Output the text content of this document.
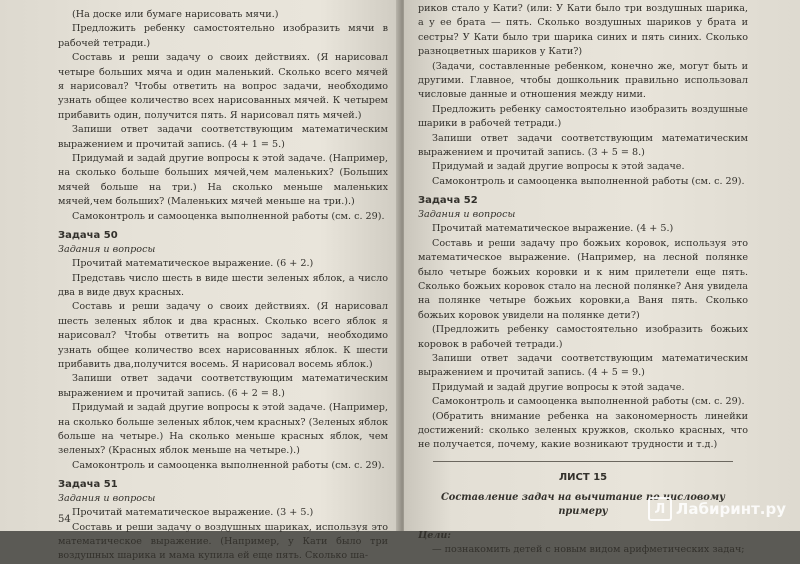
(На доске или бумаге нарисовать мячи.)

Предложить ребенку самостоятельно изобразить мячи в рабочей тетради.)

Составь и реши задачу о своих действиях. (Я нарисовал четыре больших мяча и один маленький. Сколько всего мячей я нарисовал? Чтобы ответить на вопрос задачи, необходимо узнать общее количество всех нарисованных мячей. К четырем прибавить один, получится пять. Я нарисовал пять мячей.)

Запиши ответ задачи соответствующим математическим выражением и прочитай запись. (4 + 1 = 5.)

Придумай и задай другие вопросы к этой задаче. (Например, на сколько больше больших мячей,чем маленьких? (Больших мячей больше на три.) На сколько меньше маленьких мячей,чем больших? (Маленьких мячей меньше на три.).)

Самоконтроль и самооценка выполненной работы (см. с. 29).

Задача 50
Задания и вопросы

Прочитай математическое выражение. (6 + 2.)

Представь число шесть в виде шести зеленых яблок, а число два в виде двух красных.

Составь и реши задачу о своих действиях. (Я нарисовал шесть зеленых яблок и два красных. Сколько всего яблок я нарисовал? Чтобы ответить на вопрос задачи, необходимо узнать общее количество всех нарисованных яблок. К шести прибавить два,получится восемь. Я нарисовал восемь яблок.)

Запиши ответ задачи соответствующим математическим выражением и прочитай запись. (6 + 2 = 8.)

Придумай и задай другие вопросы к этой задаче. (Например, на сколько больше зеленых яблок,чем красных? (Зеленых яблок больше на четыре.) На сколько меньше красных яблок, чем зеленых? (Красных яблок меньше на четыре.).)

Самоконтроль и самооценка выполненной работы (см. с. 29).

Задача 51
Задания и вопросы

Прочитай математическое выражение. (3 + 5.)

Составь и реши задачу о воздушных шариках, используя это математическое выражение. (Например, у Кати было три воздушных шарика и мама купила ей еще пять. Сколько ша-

54

риков стало у Кати? (или: У Кати было три воздушных шарика, а у ее брата — пять. Сколько воздушных шариков у брата и сестры? У Кати было три шарика синих и пять синих. Сколько разноцветных шариков у Кати?)

(Задачи, составленные ребенком, конечно же, могут быть и другими. Главное, чтобы дошкольник правильно использовал числовые данные и отношения между ними.

Предложить ребенку самостоятельно изобразить воздушные шарики в рабочей тетради.)

Запиши ответ задачи соответствующим математическим выражением и прочитай запись. (3 + 5 = 8.)

Придумай и задай другие вопросы к этой задаче.

Самоконтроль и самооценка выполненной работы (см. с. 29).

Задача 52
Задания и вопросы

Прочитай математическое выражение. (4 + 5.)

Составь и реши задачу про божьих коровок, используя это математическое выражение. (Например, на лесной полянке было четыре божьих коровки и к ним прилетели еще пять. Сколько божьих коровок стало на лесной полянке? Аня увидела на полянке четыре божьих коровки,а Ваня пять. Сколько божьих коровок увидели на полянке дети?)

(Предложить ребенку самостоятельно изобразить божьих коровок в рабочей тетради.)

Запиши ответ задачи соответствующим математическим выражением и прочитай запись. (4 + 5 = 9.)

Придумай и задай другие вопросы к этой задаче.

Самоконтроль и самооценка выполненной работы (см. с. 29).

(Обратить внимание ребенка на закономерность линейки достижений: сколько зеленых кружков, сколько красных, что не получается, почему, какие возникают трудности и т.д.)

ЛИСТ 15
Составление задач на вычитание по числовому примеру

Цели:

— познакомить детей с новым видом арифметических задач;

Л Лабиринт.ру
